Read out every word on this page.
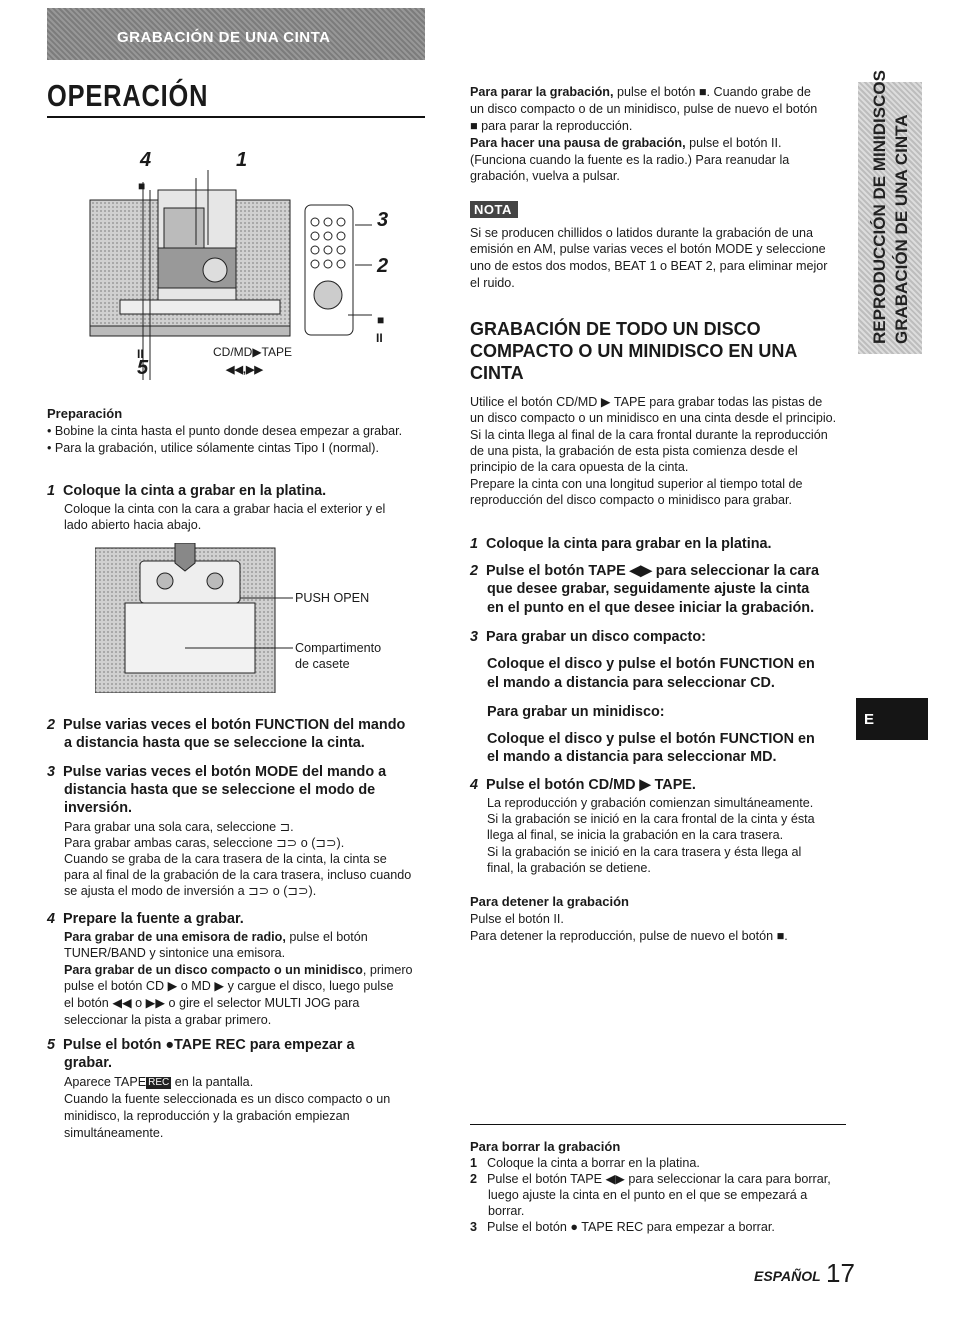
GRABACIÓN DE UNA CINTA
OPERACIÓN
4	1
■
3
2
■
II
II
5
CD/MD▶TAPE
◀◀,▶▶
Preparación
• Bobine la cinta hasta el punto donde desea empezar a grabar.
• Para la grabación, utilice sólamente cintas Tipo I (normal).
1 Coloque la cinta a grabar en la platina.
Coloque la cinta con la cara a grabar hacia el exterior y el
lado abierto hacia abajo.
PUSH OPEN
Compartimento
de casete
2 Pulse varias veces el botón FUNCTION del mando
a distancia hasta que se seleccione la cinta.
3 Pulse varias veces el botón MODE del mando a
distancia hasta que se seleccione el modo de
inversión.
Para grabar una sola cara, seleccione ⊐.
Para grabar ambas caras, seleccione ⊐⊃ o (⊐⊃).
Cuando se graba de la cara trasera de la cinta, la cinta se
para al final de la grabación de la cara trasera, incluso cuando
se ajusta el modo de inversión a ⊐⊃ o (⊐⊃).
4 Prepare la fuente a grabar.
Para grabar de una emisora de radio, pulse el botón
TUNER/BAND y sintonice una emisora.
Para grabar de un disco compacto o un minidisco, primero
pulse el botón CD ▶ o MD ▶ y cargue el disco, luego pulse
el botón ◀◀ o ▶▶ o gire el selector MULTI JOG para
seleccionar la pista a grabar primero.
5 Pulse el botón ●TAPE REC para empezar a
grabar.
Aparece TAPE REC en la pantalla.
Cuando la fuente seleccionada es un disco compacto o un
minidisco, la reproducción y la grabación empiezan
simultáneamente.
Para parar la grabación, pulse el botón ■. Cuando grabe de
un disco compacto o de un minidisco, pulse de nuevo el botón
■ para parar la reproducción.
Para hacer una pausa de grabación, pulse el botón II.
(Funciona cuando la fuente es la radio.) Para reanudar la
grabación, vuelva a pulsar.
NOTA
Si se producen chillidos o latidos durante la grabación de una
emisión en AM, pulse varias veces el botón MODE y seleccione
uno de estos dos modos, BEAT 1 o BEAT 2, para eliminar mejor
el ruido.
GRABACIÓN DE TODO UN DISCO
COMPACTO O UN MINIDISCO EN UNA
CINTA
Utilice el botón CD/MD ▶ TAPE para grabar todas las pistas de
un disco compacto o un minidisco en una cinta desde el principio.
Si la cinta llega al final de la cara frontal durante la reproducción
de una pista, la grabación de esta pista comienza desde el
principio de la cara opuesta de la cinta.
Prepare la cinta con una longitud superior al tiempo total de
reproducción del disco compacto o minidisco para grabar.
1 Coloque la cinta para grabar en la platina.
2 Pulse el botón TAPE ◀▶ para seleccionar la cara
que desee grabar, seguidamente ajuste la cinta
en el punto en el que desee iniciar la grabación.
3 Para grabar un disco compacto:
Coloque el disco y pulse el botón FUNCTION en
el mando a distancia para seleccionar CD.
Para grabar un minidisco:
Coloque el disco y pulse el botón FUNCTION en
el mando a distancia para seleccionar MD.
4 Pulse el botón CD/MD ▶ TAPE.
La reproducción y grabación comienzan simultáneamente.
Si la grabación se inició en la cara frontal de la cinta y ésta
llega al final, se inicia la grabación en la cara trasera.
Si la grabación se inició en la cara trasera y ésta llega al
final, la grabación se detiene.
Para detener la grabación
Pulse el botón II.
Para detener la reproducción, pulse de nuevo el botón ■.
Para borrar la grabación
1 Coloque la cinta a borrar en la platina.
2 Pulse el botón TAPE ◀▶ para seleccionar la cara para borrar,
luego ajuste la cinta en el punto en el que se empezará a
borrar.
3 Pulse el botón ● TAPE REC para empezar a borrar.
REPRODUCCIÓN DE MINIDISCOS GRABACIÓN DE UNA CINTA
E
ESPAÑOL 17
